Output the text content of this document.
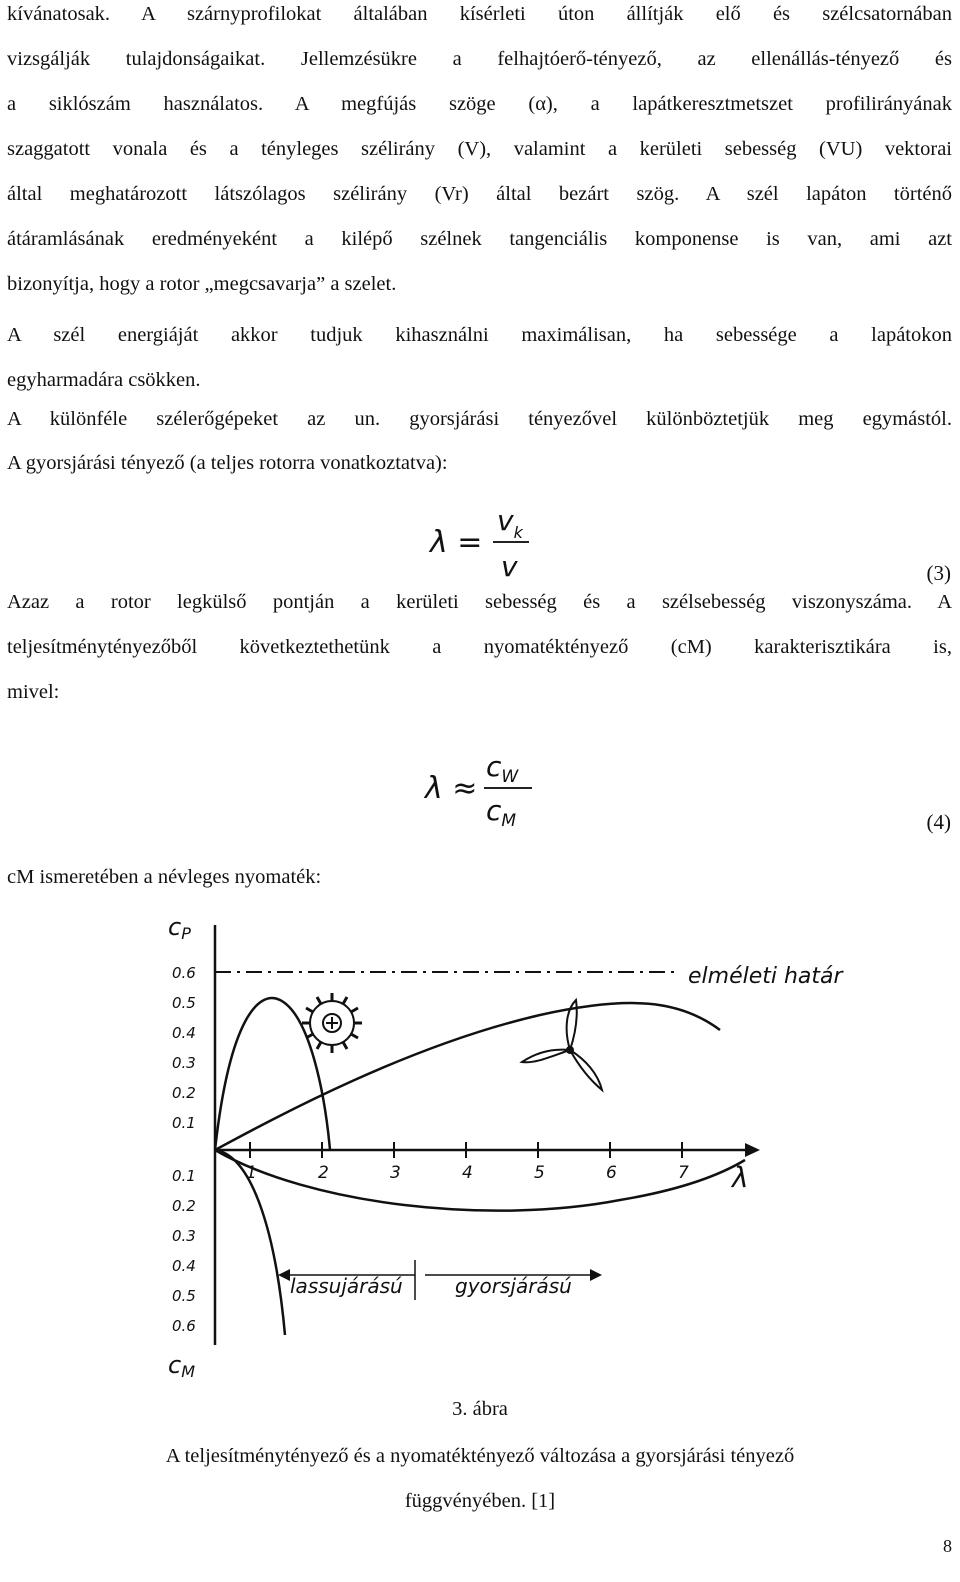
kívánatosak. A szárnyprofilokat általában kísérleti úton állítják elő és szélcsatornában
vizsgálják tulajdonságaikat. Jellemzésükre a felhajtóerő-tényező, az ellenállás-tényező és
a siklószám használatos. A megfújás szöge (α), a lapátkeresztmetszet profilirányának
szaggatott vonala és a tényleges szélirány (V), valamint a kerületi sebesség (VU) vektorai
által meghatározott látszólagos szélirány (Vr) által bezárt szög. A szél lapáton történő
átáramlásának eredményeként a kilépő szélnek tangenciális komponense is van, ami azt
bizonyítja, hogy a rotor „megcsavarja” a szelet.
A szél energiáját akkor tudjuk kihasználni maximálisan, ha sebessége a lapátokon
egyharmadára csökken.
A különféle szélerőgépeket az un. gyorsjárási tényezővel különböztetjük meg egymástól.
A gyorsjárási tényező (a teljes rotorra vonatkoztatva):
λ =
$v_k$
v	(3)
Azaz a rotor legkülső pontján a kerületi sebesség és a szélsebesség viszonyszáma. A
teljesítménytényezőből következtethetünk a nyomatéktényező (cM) karakterisztikára is,
mivel:
λ ≈
$c_W$
$c_M$	(4)
cM ismeretében a névleges nyomaték:
cP
cM
λ
elméleti határ
lassujárású	gyorsjárású
0.6
0.5
0.4
0.3
0.2
0.1
0.1
0.2
0.3
0.4
0.5
0.6
1	2	3	4	5	6	7
3. ábra
A teljesítménytényező és a nyomatéktényező változása a gyorsjárási tényező
függvényében. [1]
8
